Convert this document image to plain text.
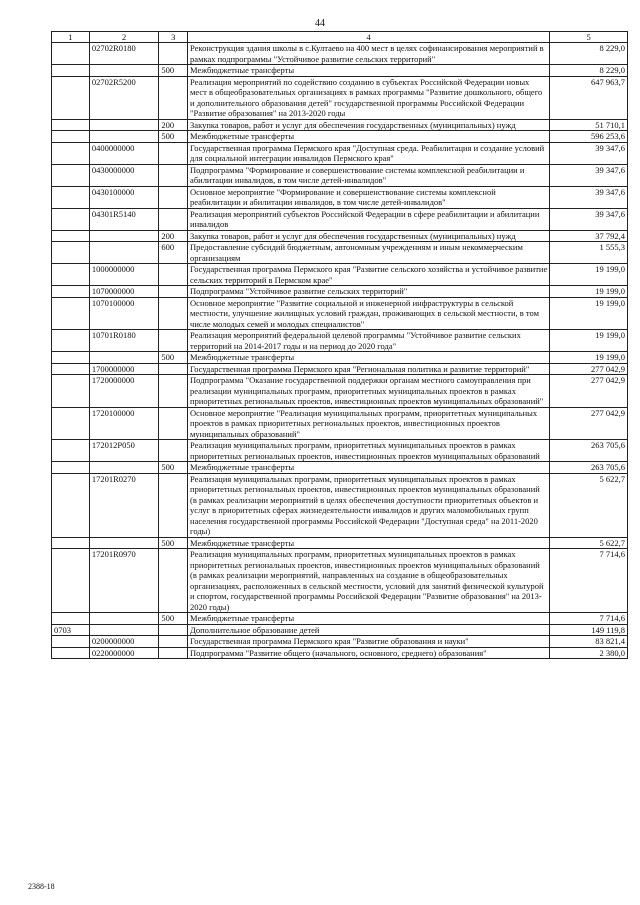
44
1	2	3	4	5
	02702R0180		Реконструкция здания школы в с.Култаево на 400 мест в целях софинансирования мероприятий в рамках подпрограммы "Устойчивое развитие сельских территорий"	8 229,0
		500	Межбюджетные трансферты	8 229,0
	02702R5200		Реализация мероприятий по содействию созданию в субъектах Российской Федерации новых мест в общеобразовательных организациях в рамках программы "Развитие дошкольного, общего и дополнительного образования детей" государственной программы Российской Федерации "Развитие образования" на 2013-2020 годы	647 963,7
		200	Закупка товаров, работ и услуг для обеспечения государственных (муниципальных) нужд	51 710,1
		500	Межбюджетные трансферты	596 253,6
	0400000000		Государственная программа Пермского края "Доступная среда. Реабилитация и создание условий для социальной интеграции инвалидов Пермского края"	39 347,6
	0430000000		Подпрограмма "Формирование и совершенствование системы комплексной реабилитации и абилитации инвалидов, в том числе детей-инвалидов"	39 347,6
	0430100000		Основное мероприятие "Формирование и совершенствование системы комплексной реабилитации и абилитации инвалидов, в том числе детей-инвалидов"	39 347,6
	04301R5140		Реализация мероприятий субъектов Российской Федерации в сфере реабилитации и абилитации инвалидов	39 347,6
		200	Закупка товаров, работ и услуг для обеспечения государственных (муниципальных) нужд	37 792,4
		600	Предоставление субсидий бюджетным, автономным учреждениям и иным некоммерческим организациям	1 555,3
	1000000000		Государственная программа Пермского края "Развитие сельского хозяйства и устойчивое развитие сельских территорий в Пермском крае"	19 199,0
	1070000000		Подпрограмма "Устойчивое развитие сельских территорий"	19 199,0
	1070100000		Основное мероприятие "Развитие социальной и инженерной инфраструктуры в сельской местности, улучшение жилищных условий граждан, проживающих в сельской местности, в том числе молодых семей и молодых специалистов"	19 199,0
	10701R0180		Реализация мероприятий федеральной целевой программы "Устойчивое развитие сельских территорий на 2014-2017 годы и на период до 2020 года"	19 199,0
		500	Межбюджетные трансферты	19 199,0
	1700000000		Государственная программа Пермского края "Региональная политика и развитие территорий"	277 042,9
	1720000000		Подпрограмма "Оказание государственной поддержки органам местного самоуправления при реализации муниципальных программ, приоритетных муниципальных проектов в рамках приоритетных региональных проектов, инвестиционных проектов муниципальных образований"	277 042,9
	1720100000		Основное мероприятие "Реализация муниципальных программ, приоритетных муниципальных проектов в рамках приоритетных региональных проектов, инвестиционных проектов муниципальных образований"	277 042,9
	172012P050		Реализация муниципальных программ, приоритетных муниципальных проектов в рамках приоритетных региональных проектов, инвестиционных проектов муниципальных образований	263 705,6
		500	Межбюджетные трансферты	263 705,6
	17201R0270		Реализация муниципальных программ, приоритетных муниципальных проектов в рамках приоритетных региональных проектов, инвестиционных проектов муниципальных образований (в рамках реализации мероприятий в целях обеспечения доступности приоритетных объектов и услуг в приоритетных сферах жизнедеятельности инвалидов и других маломобильных групп населения государственной программы Российской Федерации "Доступная среда" на 2011-2020 годы)	5 622,7
		500	Межбюджетные трансферты	5 622,7
	17201R0970		Реализация муниципальных программ, приоритетных муниципальных проектов в рамках приоритетных региональных проектов, инвестиционных проектов муниципальных образований (в рамках реализации мероприятий, направленных на создание в общеобразовательных организациях, расположенных в сельской местности, условий для занятий физической культурой и спортом, государственной программы Российской Федерации "Развитие образования" на 2013-2020 годы)	7 714,6
		500	Межбюджетные трансферты	7 714,6
0703			Дополнительное образование детей	149 119,8
	0200000000		Государственная программа Пермского края "Развитие образования и науки"	83 821,4
	0220000000		Подпрограмма "Развитие общего (начального, основного, среднего) образования"	2 380,0
2388-18
